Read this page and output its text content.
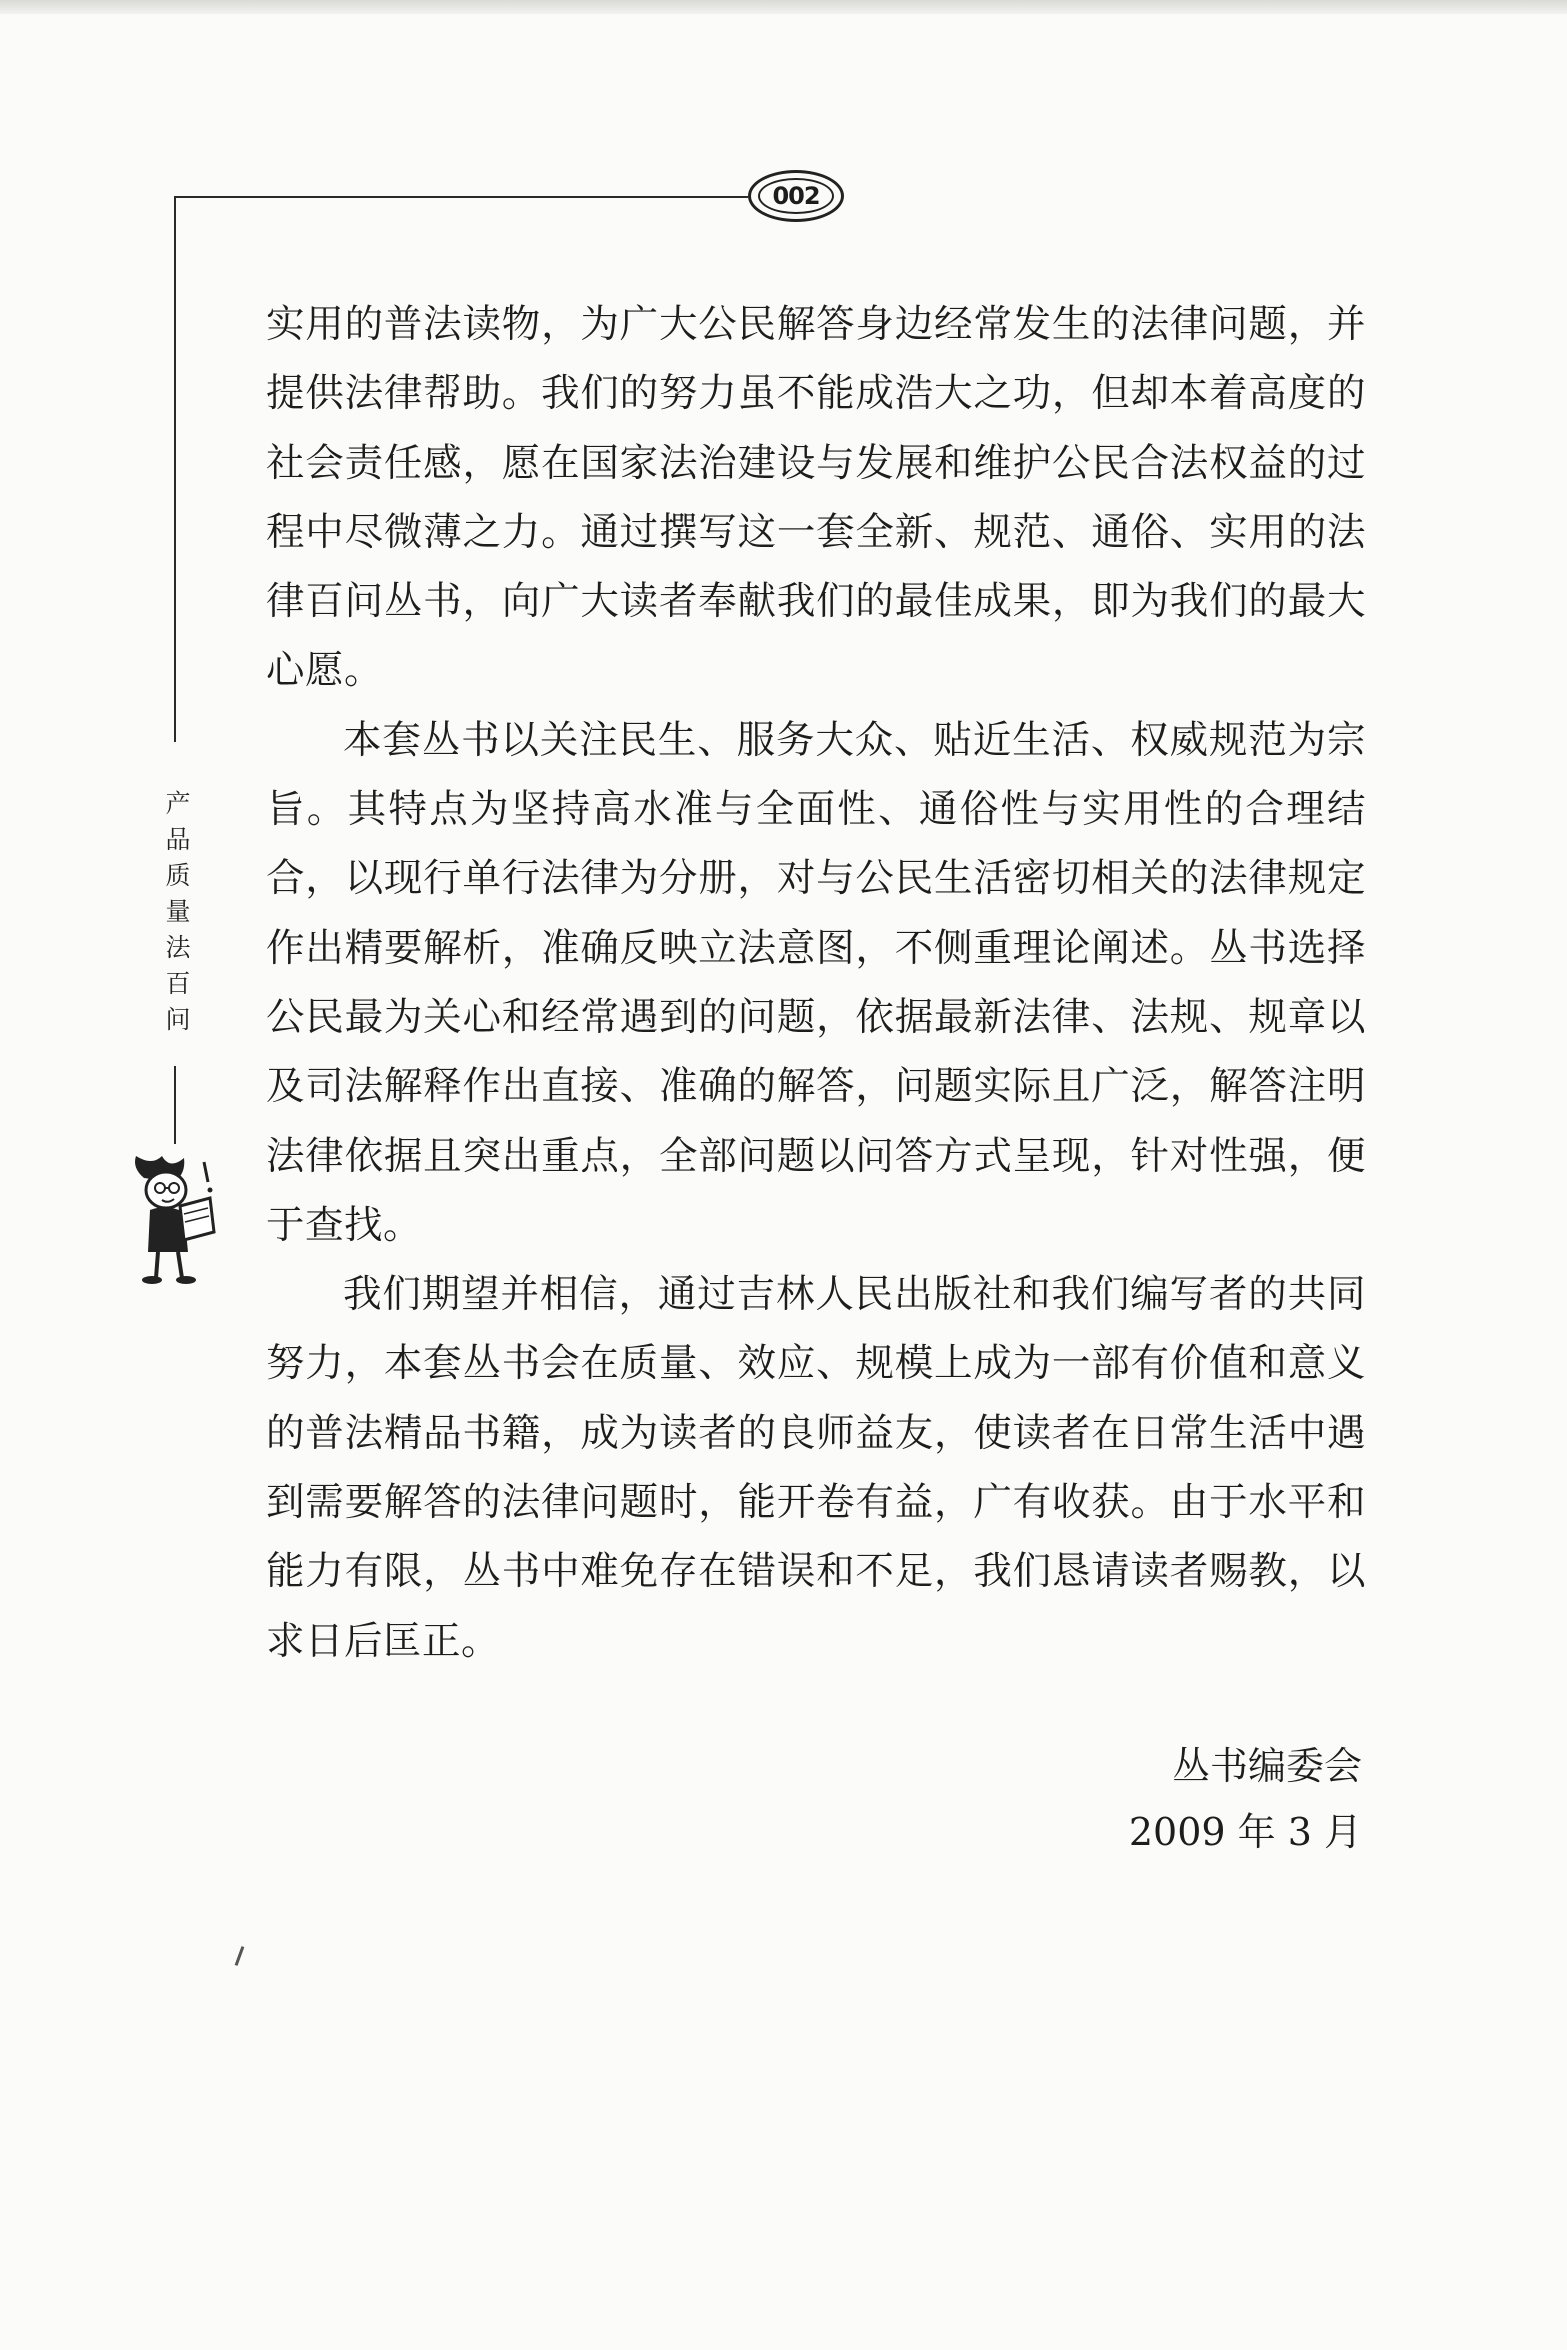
002
产
品
质
量
法
百
问

实用的普法读物，为广大公民解答身边经常发生的法律问题，并提供法律帮助。我们的努力虽不能成浩大之功，但却本着高度的社会责任感，愿在国家法治建设与发展和维护公民合法权益的过程中尽微薄之力。通过撰写这一套全新、规范、通俗、实用的法律百问丛书，向广大读者奉献我们的最佳成果，即为我们的最大心愿。

本套丛书以关注民生、服务大众、贴近生活、权威规范为宗旨。其特点为坚持高水准与全面性、通俗性与实用性的合理结合，以现行单行法律为分册，对与公民生活密切相关的法律规定作出精要解析，准确反映立法意图，不侧重理论阐述。丛书选择公民最为关心和经常遇到的问题，依据最新法律、法规、规章以及司法解释作出直接、准确的解答，问题实际且广泛，解答注明法律依据且突出重点，全部问题以问答方式呈现，针对性强，便于查找。

我们期望并相信，通过吉林人民出版社和我们编写者的共同努力，本套丛书会在质量、效应、规模上成为一部有价值和意义的普法精品书籍，成为读者的良师益友，使读者在日常生活中遇到需要解答的法律问题时，能开卷有益，广有收获。由于水平和能力有限，丛书中难免存在错误和不足，我们恳请读者赐教，以求日后匡正。

丛书编委会
2009 年 3 月
